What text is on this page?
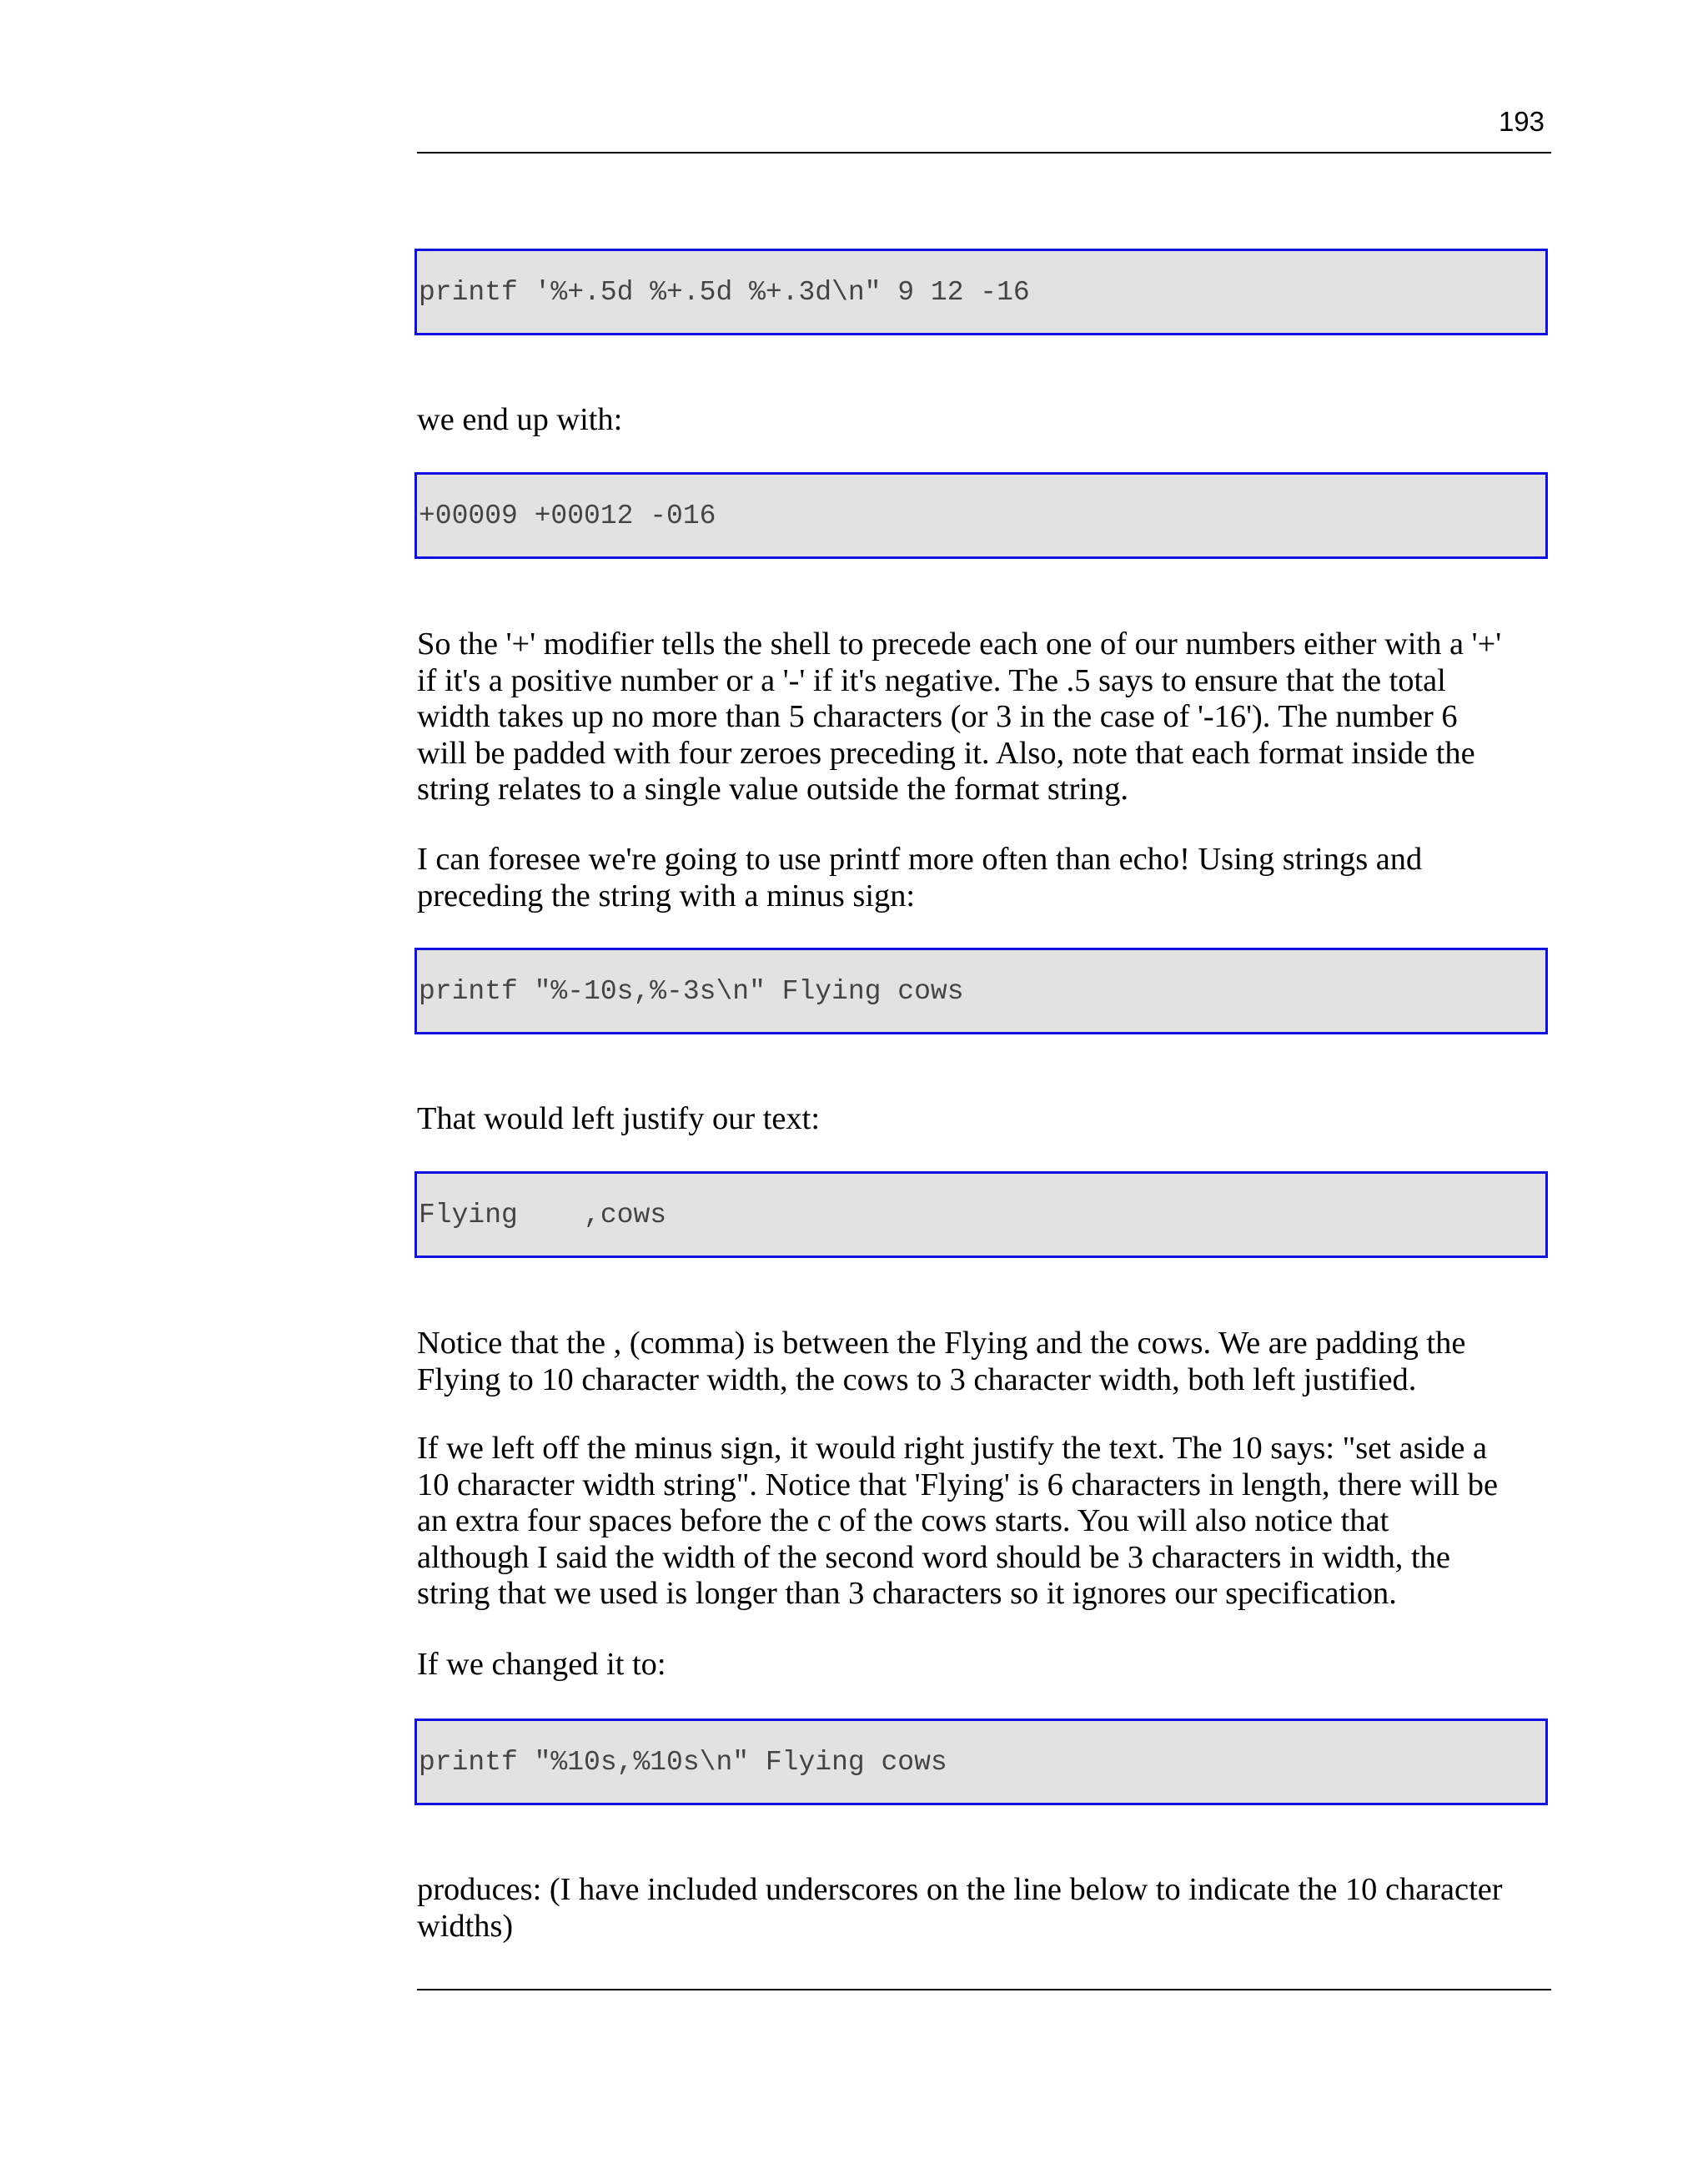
193
printf '%+.5d %+.5d %+.3d\n" 9 12 -16

we end up with:

+00009 +00012 -016

So the '+' modifier tells the shell to precede each one of our numbers either with a '+'
if it's a positive number or a '-' if it's negative. The .5 says to ensure that the total
width takes up no more than 5 characters (or 3 in the case of '-16'). The number 6
will be padded with four zeroes preceding it. Also, note that each format inside the
string relates to a single value outside the format string.

I can foresee we're going to use printf more often than echo! Using strings and
preceding the string with a minus sign:

printf "%-10s,%-3s\n" Flying cows

That would left justify our text:

Flying    ,cows

Notice that the , (comma) is between the Flying and the cows. We are padding the
Flying to 10 character width, the cows to 3 character width, both left justified.

If we left off the minus sign, it would right justify the text. The 10 says: "set aside a
10 character width string". Notice that 'Flying' is 6 characters in length, there will be
an extra four spaces before the c of the cows starts. You will also notice that
although I said the width of the second word should be 3 characters in width, the
string that we used is longer than 3 characters so it ignores our specification.

If we changed it to:

printf "%10s,%10s\n" Flying cows

produces: (I have included underscores on the line below to indicate the 10 character
widths)
